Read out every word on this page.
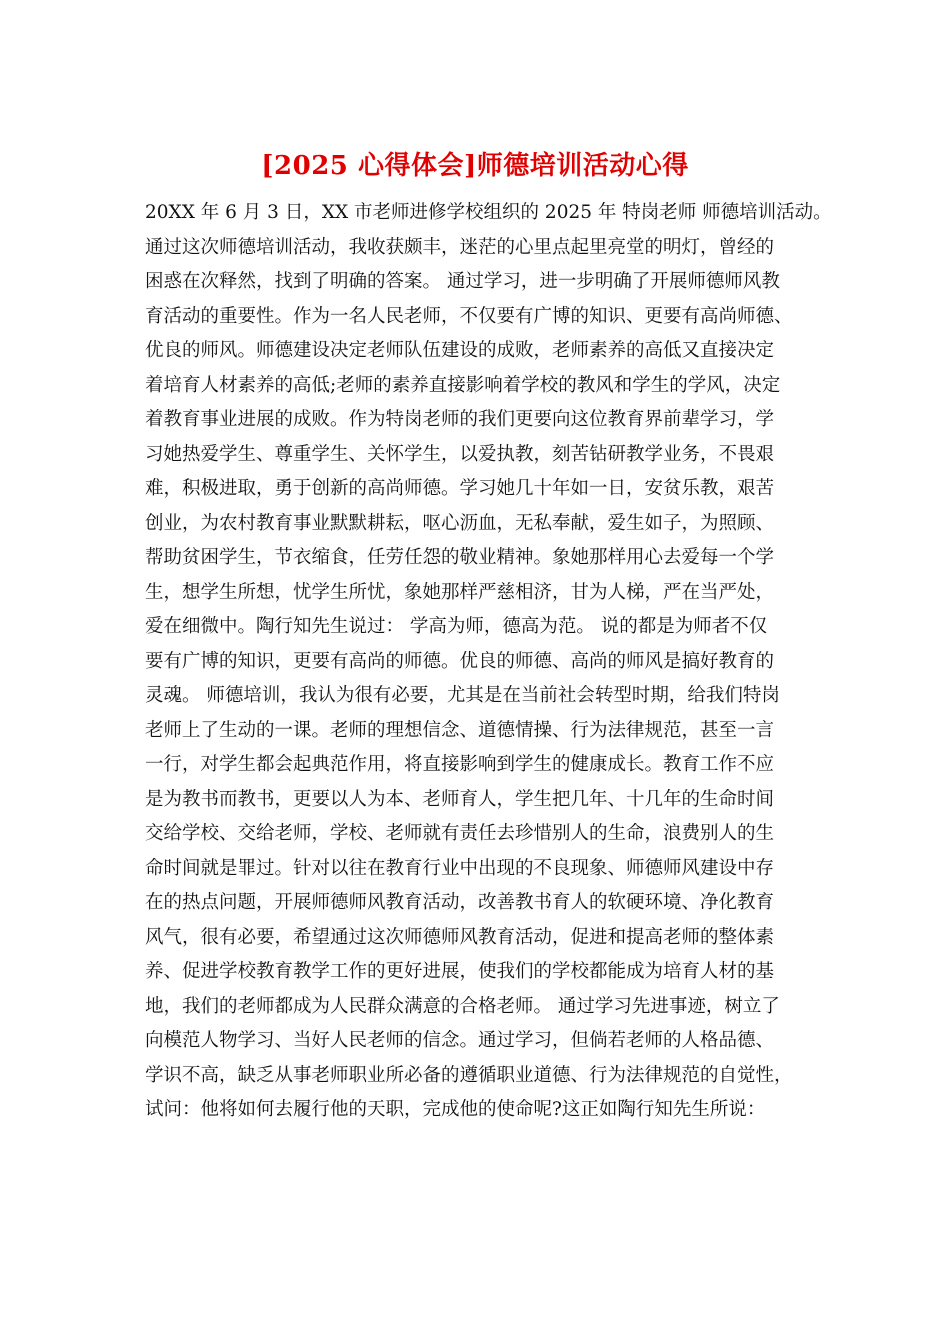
[2025 心得体会]师德培训活动心得
20XX 年 6 月 3 日，XX 市老师进修学校组织的 2025 年 特岗老师 师德培训活动。
通过这次师德培训活动，我收获颇丰，迷茫的心里点起里亮堂的明灯，曾经的
困惑在次释然，找到了明确的答案。 通过学习，进一步明确了开展师德师风教
育活动的重要性。作为一名人民老师，不仅要有广博的知识、更要有高尚师德、
优良的师风。师德建设决定老师队伍建设的成败，老师素养的高低又直接决定
着培育人材素养的高低;老师的素养直接影响着学校的教风和学生的学风，决定
着教育事业进展的成败。作为特岗老师的我们更要向这位教育界前辈学习，学
习她热爱学生、尊重学生、关怀学生，以爱执教，刻苦钻研教学业务，不畏艰
难，积极进取，勇于创新的高尚师德。学习她几十年如一日，安贫乐教，艰苦
创业，为农村教育事业默默耕耘，呕心沥血，无私奉献，爱生如子，为照顾、
帮助贫困学生，节衣缩食，任劳任怨的敬业精神。象她那样用心去爱每一个学
生，想学生所想，忧学生所忧，象她那样严慈相济，甘为人梯，严在当严处，
爱在细微中。陶行知先生说过： 学高为师，德高为范。 说的都是为师者不仅
要有广博的知识，更要有高尚的师德。优良的师德、高尚的师风是搞好教育的
灵魂。 师德培训，我认为很有必要，尤其是在当前社会转型时期，给我们特岗
老师上了生动的一课。老师的理想信念、道德情操、行为法律规范，甚至一言
一行，对学生都会起典范作用，将直接影响到学生的健康成长。教育工作不应
是为教书而教书，更要以人为本、老师育人，学生把几年、十几年的生命时间
交给学校、交给老师，学校、老师就有责任去珍惜别人的生命，浪费别人的生
命时间就是罪过。针对以往在教育行业中出现的不良现象、师德师风建设中存
在的热点问题，开展师德师风教育活动，改善教书育人的软硬环境、净化教育
风气，很有必要，希望通过这次师德师风教育活动，促进和提高老师的整体素
养、促进学校教育教学工作的更好进展，使我们的学校都能成为培育人材的基
地，我们的老师都成为人民群众满意的合格老师。 通过学习先进事迹，树立了
向模范人物学习、当好人民老师的信念。通过学习，但倘若老师的人格品德、
学识不高，缺乏从事老师职业所必备的遵循职业道德、行为法律规范的自觉性，
试问：他将如何去履行他的天职，完成他的使命呢?这正如陶行知先生所说：
